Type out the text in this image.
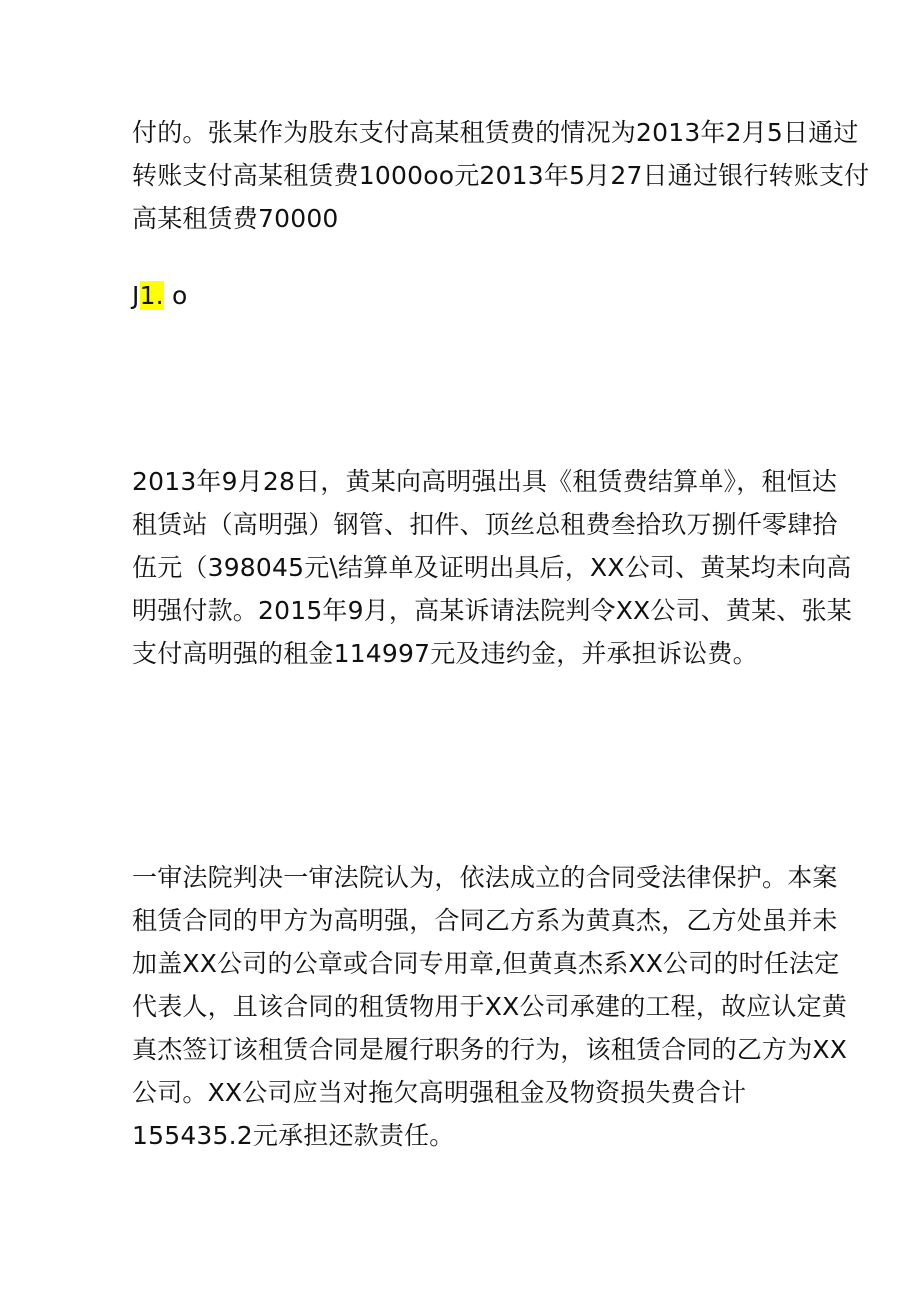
付的。张某作为股东支付高某租赁费的情况为2013年2月5日通过
转账支付高某租赁费1000oo元2013年5月27日通过银行转账支付
高某租赁费70000
J1. o
2013年9月28日，黄某向高明强出具《租赁费结算单》，租恒达
租赁站（高明强）钢管、扣件、顶丝总租费叁拾玖万捌仟零肆拾
伍元（398045元\结算单及证明出具后，XX公司、黄某均未向高
明强付款。2015年9月，高某诉请法院判令XX公司、黄某、张某
支付高明强的租金114997元及违约金，并承担诉讼费。
一审法院判决一审法院认为，依法成立的合同受法律保护。本案
租赁合同的甲方为高明强，合同乙方系为黄真杰，乙方处虽并未
加盖XX公司的公章或合同专用章,但黄真杰系XX公司的时任法定
代表人，且该合同的租赁物用于XX公司承建的工程，故应认定黄
真杰签订该租赁合同是履行职务的行为，该租赁合同的乙方为XX
公司。XX公司应当对拖欠高明强租金及物资损失费合计
155435.2元承担还款责任。
